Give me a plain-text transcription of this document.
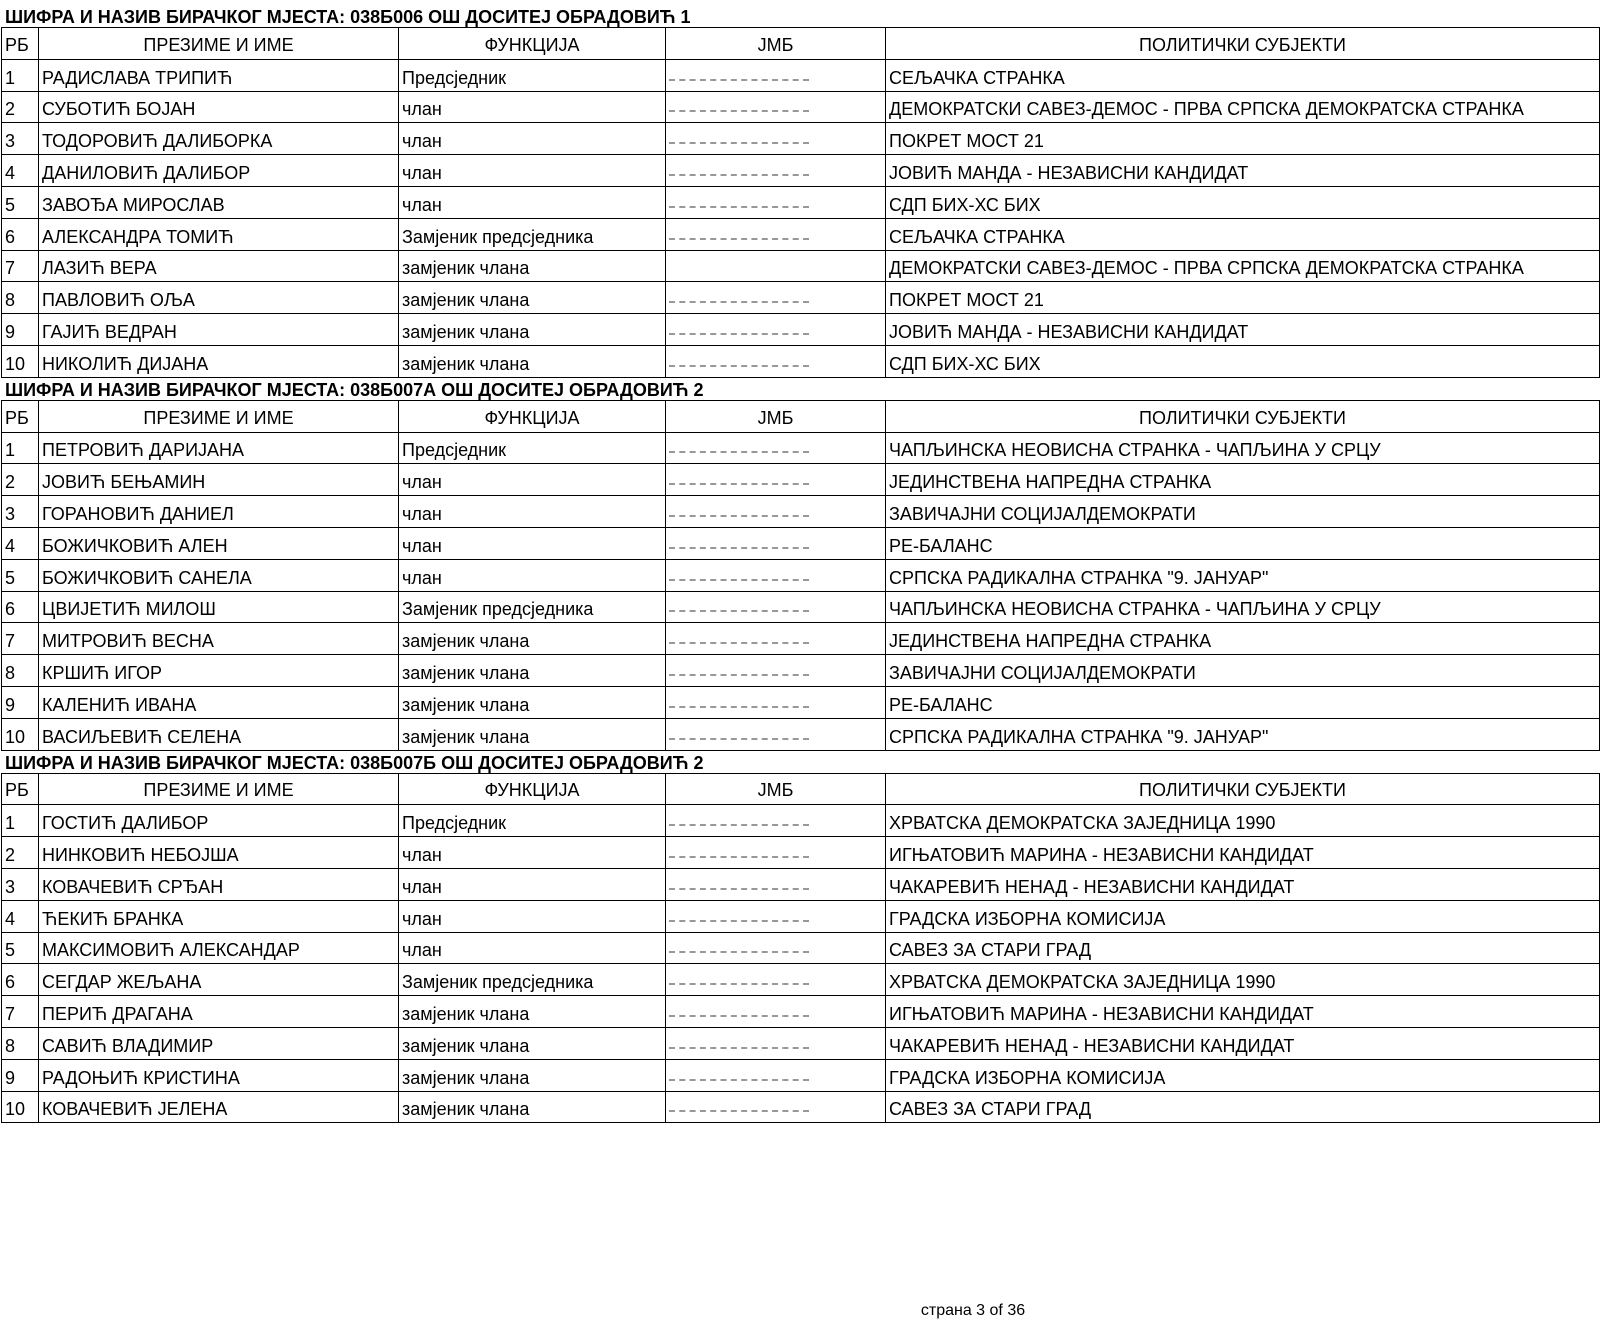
ШИФРА И НАЗИВ БИРАЧКОГ МЈЕСТА: 038Б006 ОШ ДОСИТЕЈ ОБРАДОВИЋ 1
РБ	ПРЕЗИМЕ И ИМЕ	ФУНКЦИЈА	ЈМБ	ПОЛИТИЧКИ СУБЈЕКТИ
1	РАДИСЛАВА ТРИПИЋ	Предсједник		СЕЉАЧКА СТРАНКА
2	СУБОТИЋ БОЈАН	члан		ДЕМОКРАТСКИ САВЕЗ-ДЕМОС - ПРВА СРПСКА ДЕМОКРАТСКА СТРАНКА
3	ТОДОРОВИЋ ДАЛИБОРКА	члан		ПОКРЕТ МОСТ 21
4	ДАНИЛОВИЋ ДАЛИБОР	члан		ЈОВИЋ МАНДА - НЕЗАВИСНИ КАНДИДАТ
5	ЗАВОЂА МИРОСЛАВ	члан		СДП БИХ-ХС БИХ
6	АЛЕКСАНДРА ТОМИЋ	Замјеник предсједника		СЕЉАЧКА СТРАНКА
7	ЛАЗИЋ ВЕРА	замјеник члана		ДЕМОКРАТСКИ САВЕЗ-ДЕМОС - ПРВА СРПСКА ДЕМОКРАТСКА СТРАНКА
8	ПАВЛОВИЋ ОЉА	замјеник члана		ПОКРЕТ МОСТ 21
9	ГАЈИЋ ВЕДРАН	замјеник члана		ЈОВИЋ МАНДА - НЕЗАВИСНИ КАНДИДАТ
10	НИКОЛИЋ ДИЈАНА	замјеник члана		СДП БИХ-ХС БИХ
ШИФРА И НАЗИВ БИРАЧКОГ МЈЕСТА: 038Б007А ОШ ДОСИТЕЈ ОБРАДОВИЋ 2
РБ	ПРЕЗИМЕ И ИМЕ	ФУНКЦИЈА	ЈМБ	ПОЛИТИЧКИ СУБЈЕКТИ
1	ПЕТРОВИЋ ДАРИЈАНА	Предсједник		ЧАПЉИНСКА НЕОВИСНА СТРАНКА - ЧАПЉИНА У СРЦУ
2	ЈОВИЋ БЕЊАМИН	члан		ЈЕДИНСТВЕНА НАПРЕДНА СТРАНКА
3	ГОРАНОВИЋ ДАНИЕЛ	члан		ЗАВИЧАЈНИ СОЦИЈАЛДЕМОКРАТИ
4	БОЖИЧКОВИЋ АЛЕН	члан		РЕ-БАЛАНС
5	БОЖИЧКОВИЋ САНЕЛА	члан		СРПСКА РАДИКАЛНА СТРАНКА "9. ЈАНУАР"
6	ЦВИЈЕТИЋ МИЛОШ	Замјеник предсједника		ЧАПЉИНСКА НЕОВИСНА СТРАНКА - ЧАПЉИНА У СРЦУ
7	МИТРОВИЋ ВЕСНА	замјеник члана		ЈЕДИНСТВЕНА НАПРЕДНА СТРАНКА
8	КРШИЋ ИГОР	замјеник члана		ЗАВИЧАЈНИ СОЦИЈАЛДЕМОКРАТИ
9	КАЛЕНИЋ ИВАНА	замјеник члана		РЕ-БАЛАНС
10	ВАСИЉЕВИЋ СЕЛЕНА	замјеник члана		СРПСКА РАДИКАЛНА СТРАНКА "9. ЈАНУАР"
ШИФРА И НАЗИВ БИРАЧКОГ МЈЕСТА: 038Б007Б ОШ ДОСИТЕЈ ОБРАДОВИЋ 2
РБ	ПРЕЗИМЕ И ИМЕ	ФУНКЦИЈА	ЈМБ	ПОЛИТИЧКИ СУБЈЕКТИ
1	ГОСТИЋ ДАЛИБОР	Предсједник		ХРВАТСКА ДЕМОКРАТСКА ЗАЈЕДНИЦА 1990
2	НИНКОВИЋ НЕБОЈША	члан		ИГЊАТОВИЋ МАРИНА - НЕЗАВИСНИ КАНДИДАТ
3	КОВАЧЕВИЋ СРЂАН	члан		ЧАКАРЕВИЋ НЕНАД - НЕЗАВИСНИ КАНДИДАТ
4	ЋЕКИЋ БРАНКА	члан		ГРАДСКА ИЗБОРНА КОМИСИЈА
5	МАКСИМОВИЋ АЛЕКСАНДАР	члан		САВЕЗ ЗА СТАРИ ГРАД
6	СЕГДАР ЖЕЉАНА	Замјеник предсједника		ХРВАТСКА ДЕМОКРАТСКА ЗАЈЕДНИЦА 1990
7	ПЕРИЋ ДРАГАНА	замјеник члана		ИГЊАТОВИЋ МАРИНА - НЕЗАВИСНИ КАНДИДАТ
8	САВИЋ ВЛАДИМИР	замјеник члана		ЧАКАРЕВИЋ НЕНАД - НЕЗАВИСНИ КАНДИДАТ
9	РАДОЊИЋ КРИСТИНА	замјеник члана		ГРАДСКА ИЗБОРНА КОМИСИЈА
10	КОВАЧЕВИЋ ЈЕЛЕНА	замјеник члана		САВЕЗ ЗА СТАРИ ГРАД
страна 3 of 36
